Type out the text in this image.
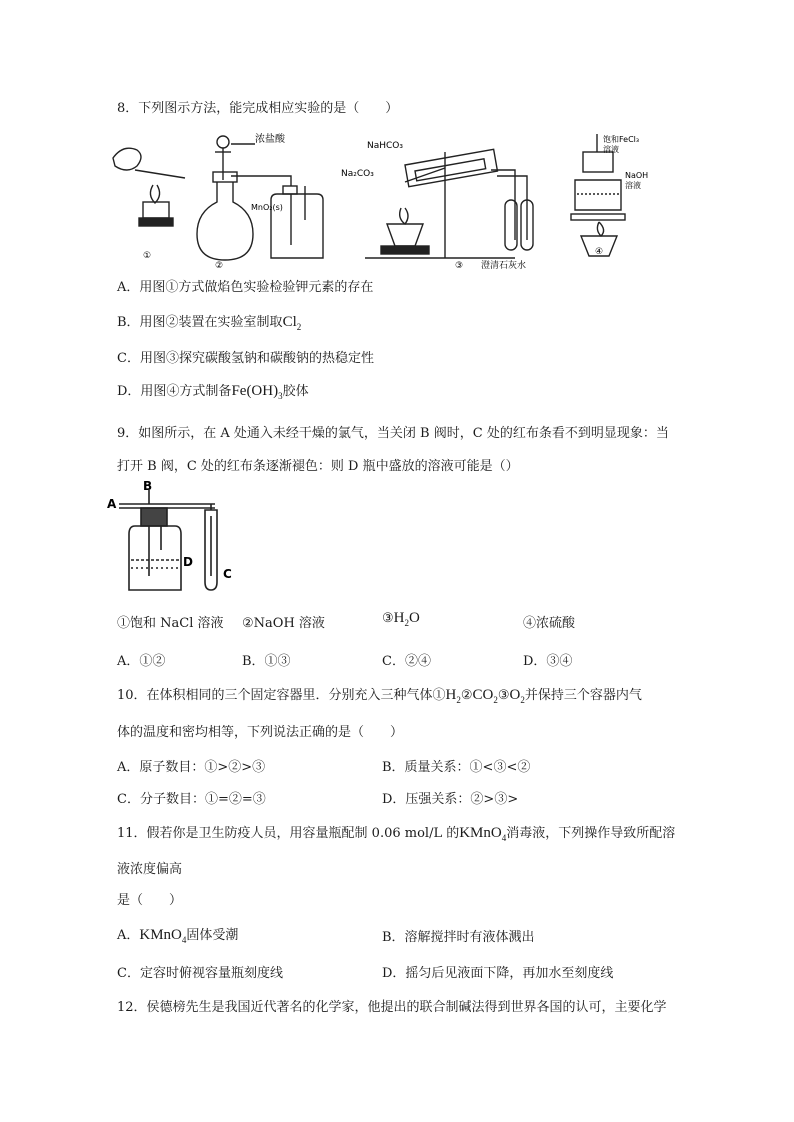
8．下列图示方法，能完成相应实验的是（　　）
①
浓盐酸
MnO₂(s)
②
NaHCO₃
Na₂CO₃
③ 澄清石灰水
饱和FeCl₃
溶液
NaOH
溶液
④
A．用图①方式做焰色实验检验钾元素的存在
B．用图②装置在实验室制取$Cl_2$
C．用图③探究碳酸氢钠和碳酸钠的热稳定性
D．用图④方式制备$Fe(OH)_3$胶体
9．如图所示，在 A 处通入未经干燥的氯气，当关闭 B 阀时，C 处的红布条看不到明显现象：当
打开 B 阀，C 处的红布条逐渐褪色：则 D 瓶中盛放的溶液可能是（）
A
B
C
D
①饱和 NaCl 溶液 ②NaOH 溶液	$③H_2O$	④浓硫酸
A．①②	B．①③	C．②④	D．③④
10．在体积相同的三个固定容器里．分别充入三种气体$①H_2②CO_2③O_2$并保持三个容器内气
体的温度和密均相等，下列说法正确的是（　　）
A．原子数目：①>②>③	B．质量关系：①<③<②
C．分子数目：①=②=③	D．压强关系：②>③>
11．假若你是卫生防疫人员，用容量瓶配制 0.06 mol/L 的KMnO$_4$消毒液，下列操作导致所配溶
液浓度偏高
是（　　）
A．KMnO$_4$固体受潮	B．溶解搅拌时有液体溅出
C．定容时俯视容量瓶刻度线	D．摇匀后见液面下降，再加水至刻度线
12．侯德榜先生是我国近代著名的化学家，他提出的联合制碱法得到世界各国的认可，主要化学
